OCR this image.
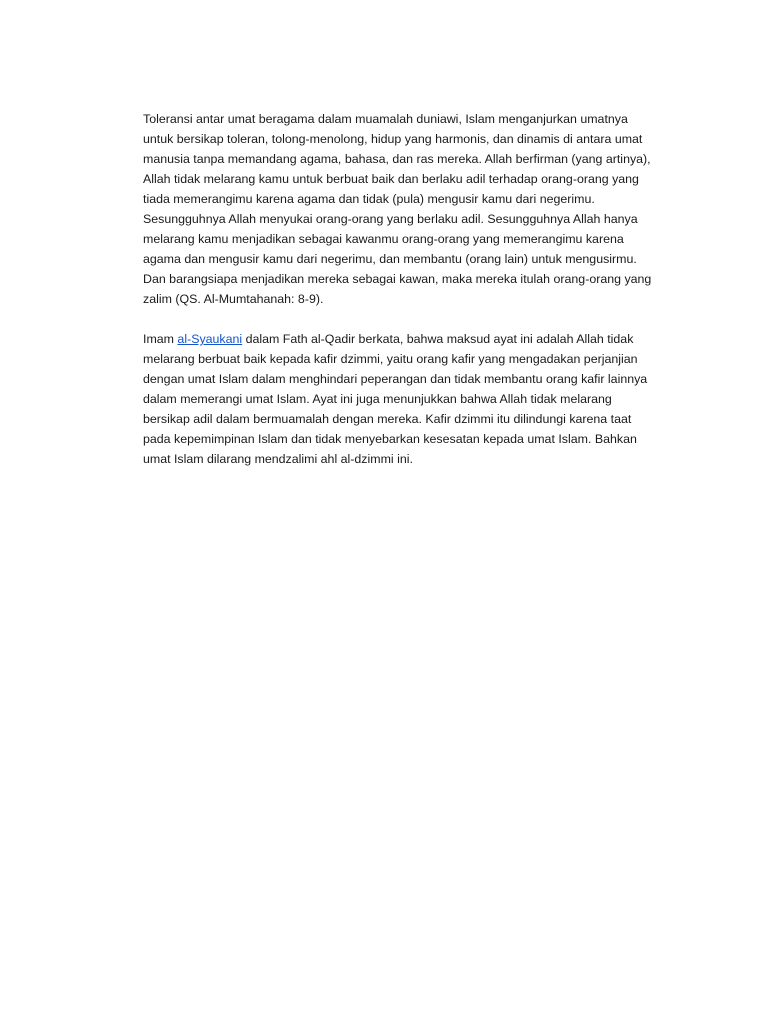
Toleransi antar umat beragama dalam muamalah duniawi, Islam menganjurkan umatnya
untuk bersikap toleran, tolong-menolong, hidup yang harmonis, dan dinamis di antara umat
manusia tanpa memandang agama, bahasa, dan ras mereka. Allah berfirman (yang artinya),
Allah tidak melarang kamu untuk berbuat baik dan berlaku adil terhadap orang-orang yang
tiada memerangimu karena agama dan tidak (pula) mengusir kamu dari negerimu.
Sesungguhnya Allah menyukai orang-orang yang berlaku adil. Sesungguhnya Allah hanya
melarang kamu menjadikan sebagai kawanmu orang-orang yang memerangimu karena
agama dan mengusir kamu dari negerimu, dan membantu (orang lain) untuk mengusirmu.
Dan barangsiapa menjadikan mereka sebagai kawan, maka mereka itulah orang-orang yang
zalim (QS. Al-Mumtahanah: 8-9).

Imam al-Syaukani dalam Fath al-Qadir berkata, bahwa maksud ayat ini adalah Allah tidak
melarang berbuat baik kepada kafir dzimmi, yaitu orang kafir yang mengadakan perjanjian
dengan umat Islam dalam menghindari peperangan dan tidak membantu orang kafir lainnya
dalam memerangi umat Islam. Ayat ini juga menunjukkan bahwa Allah tidak melarang
bersikap adil dalam bermuamalah dengan mereka. Kafir dzimmi itu dilindungi karena taat
pada kepemimpinan Islam dan tidak menyebarkan kesesatan kepada umat Islam. Bahkan
umat Islam dilarang mendzalimi ahl al-dzimmi ini.
